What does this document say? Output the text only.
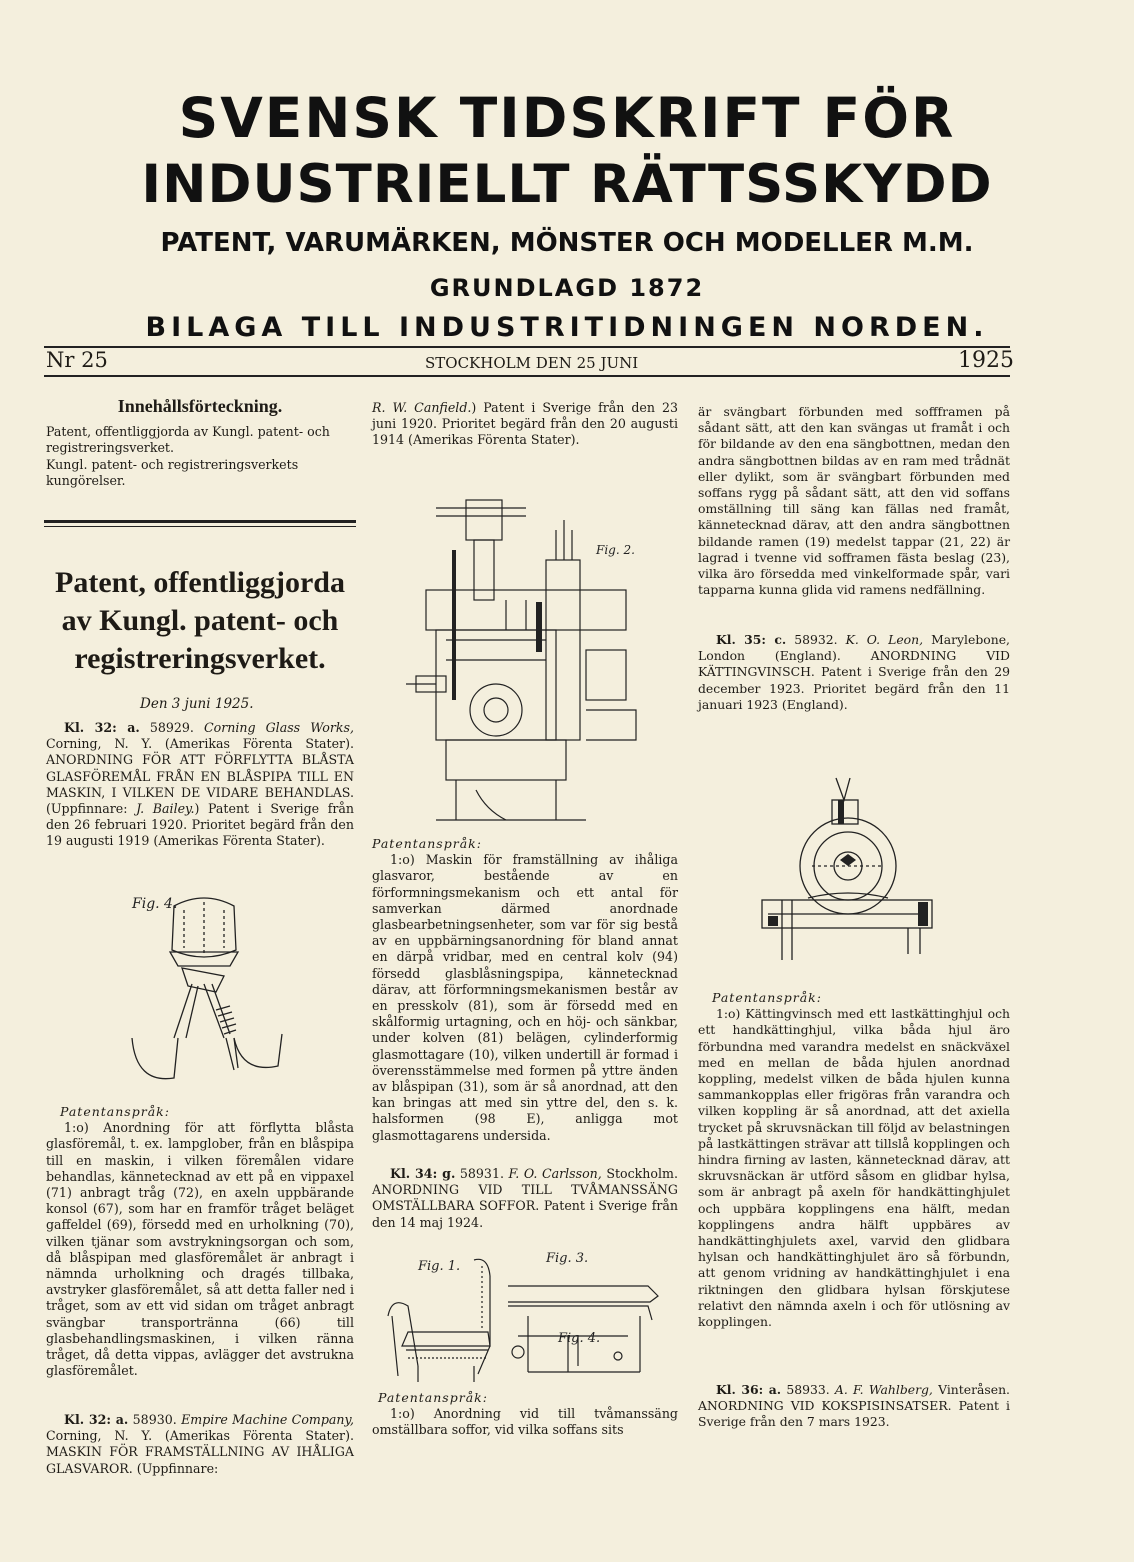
SVENSK TIDSKRIFT FÖR
INDUSTRIELLT RÄTTSSKYDD
PATENT, VARUMÄRKEN, MÖNSTER OCH MODELLER M.M.
GRUNDLAGD 1872
BILAGA TILL INDUSTRITIDNINGEN NORDEN.
Nr 25	STOCKHOLM DEN 25 JUNI	1925
Innehållsförteckning.

Patent, offentliggjorda av Kungl. patent- och registreringsverket.

Kungl. patent- och registreringsverkets kungörelser.

Patent, offentliggjorda
av Kungl. patent- och
registreringsverket.
Den 3 juni 1925.

Kl. 32: a. 58929. Corning Glass Works, Corning, N. Y. (Amerikas Förenta Stater). ANORDNING FÖR ATT FÖRFLYTTA BLÅSTA GLASFÖREMÅL FRÅN EN BLÅSPIPA TILL EN MASKIN, I VILKEN DE VIDARE BEHANDLAS. (Uppfinnare: J. Bailey.) Patent i Sverige från den 26 februari 1920. Prioritet begärd från den 19 augusti 1919 (Amerikas Förenta Stater).

Fig. 4.

Patentanspråk:

1:o) Anordning för att förflytta blåsta glasföremål, t. ex. lampglober, från en blåspipa till en maskin, i vilken föremålen vidare behandlas, kännetecknad av ett på en vippaxel (71) anbragt tråg (72), en axeln uppbärande konsol (67), som har en framför tråget beläget gaffeldel (69), försedd med en urholkning (70), vilken tjänar som avstrykningsorgan och som, då blåspipan med glasföremålet är anbragt i nämnda urholkning och dragés tillbaka, avstryker glasföremålet, så att detta faller ned i tråget, som av ett vid sidan om tråget anbragt svängbar transportränna (66) till glasbehandlingsmaskinen, i vilken ränna tråget, då detta vippas, avlägger det avstrukna glasföremålet.

Kl. 32: a. 58930. Empire Machine Company, Corning, N. Y. (Amerikas Förenta Stater). MASKIN FÖR FRAMSTÄLLNING AV IHÅLIGA GLASVAROR. (Uppfinnare:

R. W. Canfield.) Patent i Sverige från den 23 juni 1920. Prioritet begärd från den 20 augusti 1914 (Amerikas Förenta Stater).

Fig. 2.

Patentanspråk:

1:o) Maskin för framställning av ihåliga glasvaror, bestående av en förformningsmekanism och ett antal för samverkan därmed anordnade glasbearbetningsenheter, som var för sig bestå av en uppbärningsanordning för bland annat en därpå vridbar, med en central kolv (94) försedd glasblåsningspipa, kännetecknad därav, att förformningsmekanismen består av en presskolv (81), som är försedd med en skålformig urtagning, och en höj- och sänkbar, under kolven (81) belägen, cylinderformig glasmottagare (10), vilken undertill är formad i överensstämmelse med formen på yttre änden av blåspipan (31), som är så anordnad, att den kan bringas att med sin yttre del, den s. k. halsformen (98 E), anligga mot glasmottagarens undersida.

Kl. 34: g. 58931. F. O. Carlsson, Stockholm. ANORDNING VID TILL TVÅMANSSÄNG OMSTÄLLBARA SOFFOR. Patent i Sverige från den 14 maj 1924.

Fig. 1.
Fig. 3.
Fig. 4.

Patentanspråk:

1:o) Anordning vid till tvåmanssäng omställbara soffor, vid vilka soffans sits

är svängbart förbunden med soffframen på sådant sätt, att den kan svängas ut framåt i och för bildande av den ena sängbottnen, medan den andra sängbottnen bildas av en ram med trådnät eller dylikt, som är svängbart förbunden med soffans rygg på sådant sätt, att den vid soffans omställning till säng kan fällas ned framåt, kännetecknad därav, att den andra sängbottnen bildande ramen (19) medelst tappar (21, 22) är lagrad i tvenne vid sofframen fästa beslag (23), vilka äro försedda med vinkelformade spår, vari tapparna kunna glida vid ramens nedfällning.

Kl. 35: c. 58932. K. O. Leon, Marylebone, London (England). ANORDNING VID KÄTTINGVINSCH. Patent i Sverige från den 29 december 1923. Prioritet begärd från den 11 januari 1923 (England).

Patentanspråk:

1:o) Kättingvinsch med ett lastkättinghjul och ett handkättinghjul, vilka båda hjul äro förbundna med varandra medelst en snäckväxel med en mellan de båda hjulen anordnad koppling, medelst vilken de båda hjulen kunna sammankopplas eller frigöras från varandra och vilken koppling är så anordnad, att det axiella trycket på skruvsnäckan till följd av belastningen på lastkättingen strävar att tillslå kopplingen och hindra firning av lasten, kännetecknad därav, att skruvsnäckan är utförd såsom en glidbar hylsa, som är anbragt på axeln för handkättinghjulet och uppbära kopplingens ena hälft, medan kopplingens andra hälft uppbäres av handkättinghjulets axel, varvid den glidbara hylsan och handkättinghjulet äro så förbundn, att genom vridning av handkättinghjulet i ena riktningen den glidbara hylsan förskjutese relativt den nämnda axeln i och för utlösning av kopplingen.

Kl. 36: a. 58933. A. F. Wahlberg, Vinteråsen. ANORDNING VID KOKSPISINSATSER. Patent i Sverige från den 7 mars 1923.
